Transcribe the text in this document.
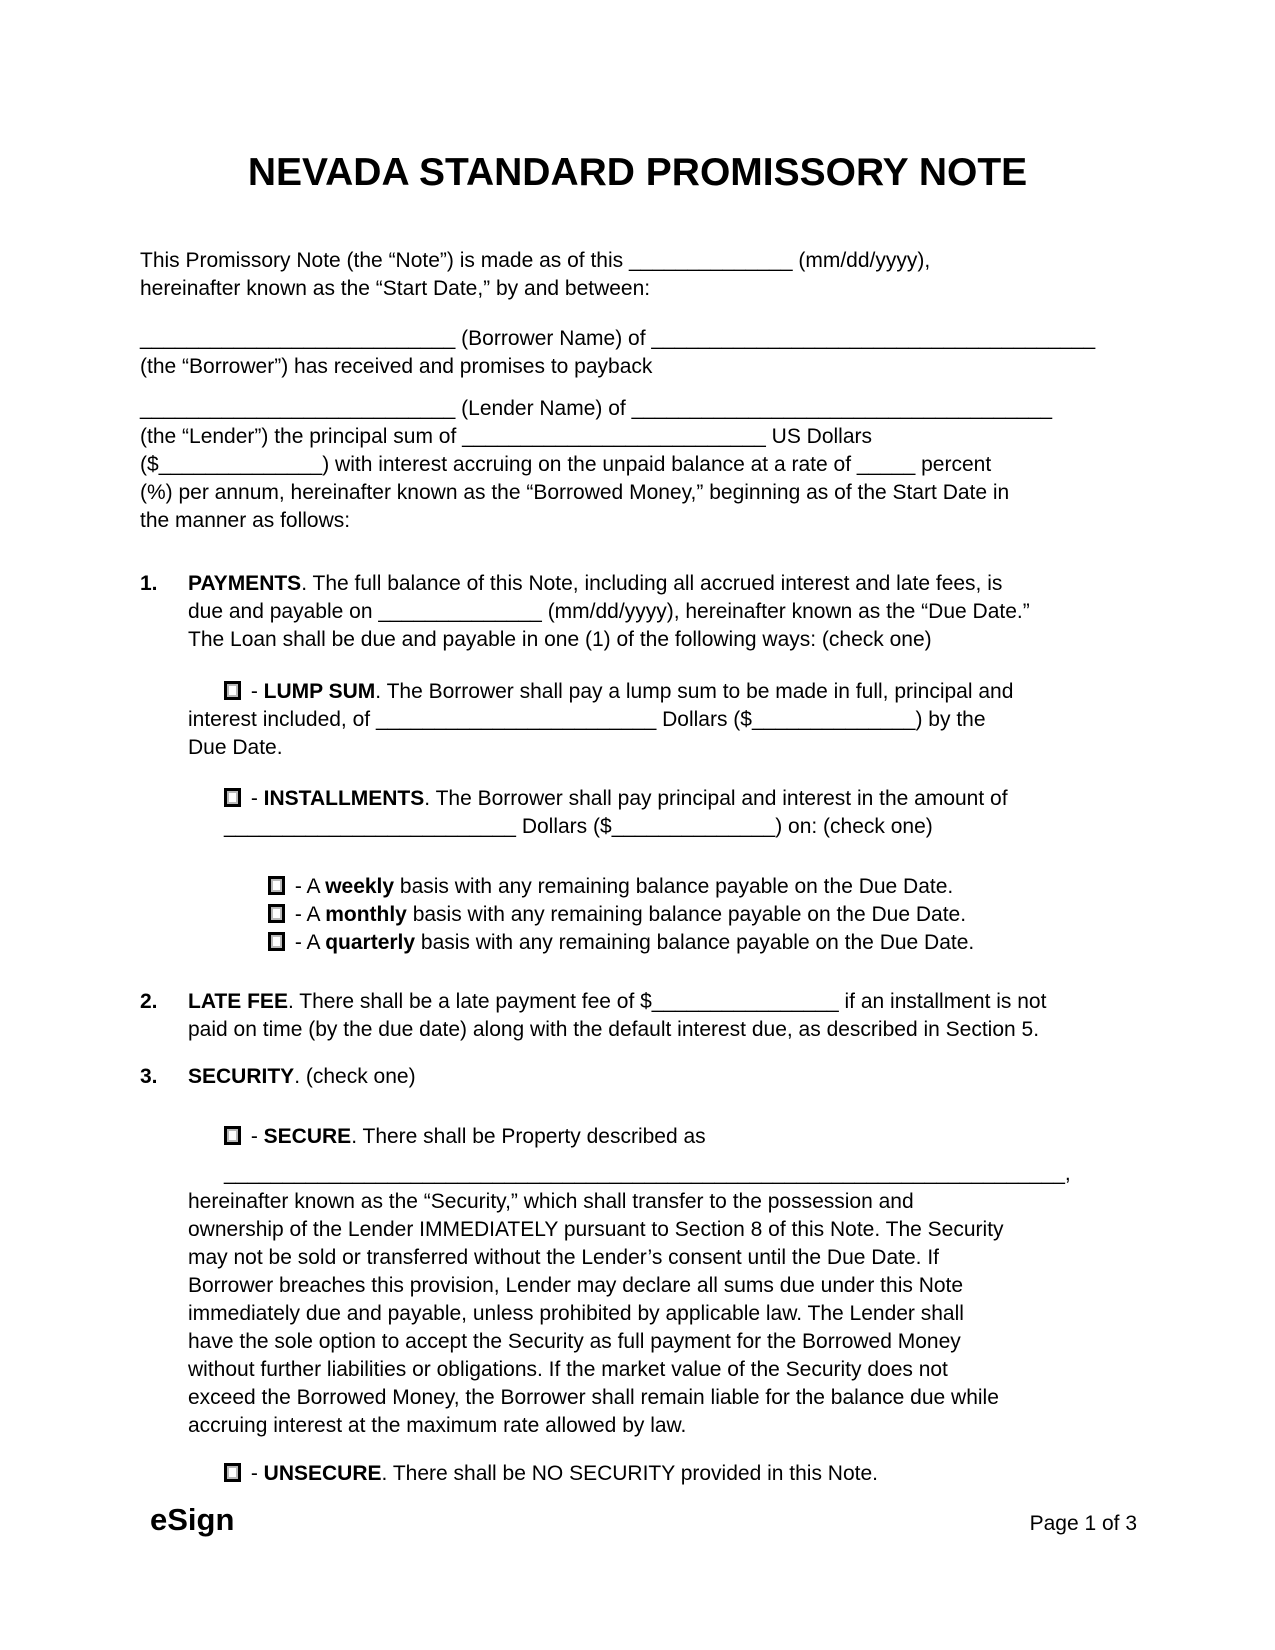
NEVADA STANDARD PROMISSORY NOTE
This Promissory Note (the “Note”) is made as of this ______________ (mm/dd/yyyy),
hereinafter known as the “Start Date,” by and between:
___________________________ (Borrower Name) of ______________________________________
(the “Borrower”) has received and promises to payback
___________________________ (Lender Name) of ____________________________________
(the “Lender”) the principal sum of __________________________ US Dollars
($______________) with interest accruing on the unpaid balance at a rate of _____ percent
(%) per annum, hereinafter known as the “Borrowed Money,” beginning as of the Start Date in
the manner as follows:
1. PAYMENTS. The full balance of this Note, including all accrued interest and late fees, is
due and payable on ______________ (mm/dd/yyyy), hereinafter known as the “Due Date.”
The Loan shall be due and payable in one (1) of the following ways: (check one)
- LUMP SUM. The Borrower shall pay a lump sum to be made in full, principal and
interest included, of ________________________ Dollars ($______________) by the
Due Date.
- INSTALLMENTS. The Borrower shall pay principal and interest in the amount of
_________________________ Dollars ($______________) on: (check one)
- A weekly basis with any remaining balance payable on the Due Date.
- A monthly basis with any remaining balance payable on the Due Date.
- A quarterly basis with any remaining balance payable on the Due Date.
2. LATE FEE. There shall be a late payment fee of $________________ if an installment is not
paid on time (by the due date) along with the default interest due, as described in Section 5.
3. SECURITY. (check one)
- SECURE. There shall be Property described as
________________________________________________________________________,
hereinafter known as the “Security,” which shall transfer to the possession and
ownership of the Lender IMMEDIATELY pursuant to Section 8 of this Note. The Security
may not be sold or transferred without the Lender’s consent until the Due Date. If
Borrower breaches this provision, Lender may declare all sums due under this Note
immediately due and payable, unless prohibited by applicable law. The Lender shall
have the sole option to accept the Security as full payment for the Borrowed Money
without further liabilities or obligations. If the market value of the Security does not
exceed the Borrowed Money, the Borrower shall remain liable for the balance due while
accruing interest at the maximum rate allowed by law.
- UNSECURE. There shall be NO SECURITY provided in this Note.
eSign	Page 1 of 3
